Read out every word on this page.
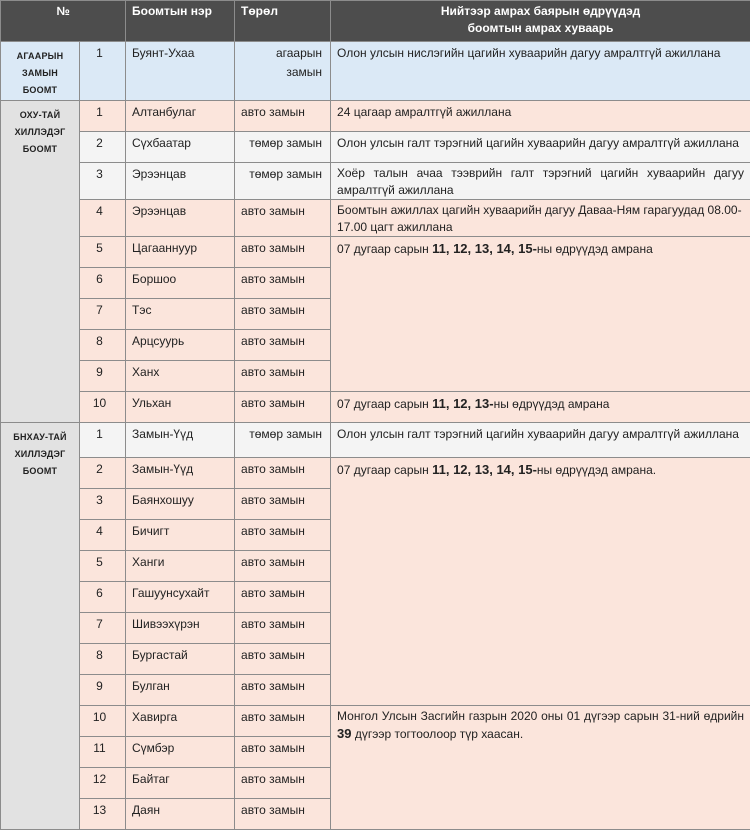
№		Боомтын нэр	Төрөл	Нийтээр амрах баярын өдрүүдэд
боомтын амрах хуваарь
АГААРЫН
ЗАМЫН
БООМТ	1	Буянт-Ухаа	агаарын замын	Олон улсын нислэгийн цагийн хуваарийн дагуу амралтгүй ажиллана
ОХУ-ТАЙ
ХИЛЛЭДЭГ
БООМТ	1	Алтанбулаг	авто замын	24 цагаар амралтгүй ажиллана
	2	Сүхбаатар	төмөр замын	Олон улсын галт тэрэгний цагийн хуваарийн дагуу амралтгүй ажиллана
	3	Эрээнцав	төмөр замын	Хоёр талын ачаа тээврийн галт тэрэгний цагийн хуваарийн дагуу амралтгүй ажиллана
	4	Эрээнцав	авто замын	Боомтын ажиллах цагийн хуваарийн дагуу Даваа-Ням гарагуудад 08.00-17.00 цагт ажиллана
	5	Цагааннуур	авто замын	07 дугаар сарын 11, 12, 13, 14, 15-ны өдрүүдэд амрана
	6	Боршоо	авто замын	
	7	Тэс	авто замын	
	8	Арцсуурь	авто замын	
	9	Ханх	авто замын	
	10	Ульхан	авто замын	07 дугаар сарын 11, 12, 13-ны өдрүүдэд амрана
БНХАУ-ТАЙ
ХИЛЛЭДЭГ
БООМТ	1	Замын-Үүд	төмөр замын	Олон улсын галт тэрэгний цагийн хуваарийн дагуу амралтгүй ажиллана
	2	Замын-Үүд	авто замын	07 дугаар сарын 11, 12, 13, 14, 15-ны өдрүүдэд амрана.
	3	Баянхошуу	авто замын	
	4	Бичигт	авто замын	
	5	Ханги	авто замын	
	6	Гашуунсухайт	авто замын	
	7	Шивээхүрэн	авто замын	
	8	Бургастай	авто замын	
	9	Булган	авто замын	
	10	Хавирга	авто замын	Монгол Улсын Засгийн газрын 2020 оны 01 дүгээр сарын 31-ний өдрийн 39 дүгээр тогтоолоор түр хаасан.
	11	Сүмбэр	авто замын	
	12	Байтаг	авто замын	
	13	Даян	авто замын	
